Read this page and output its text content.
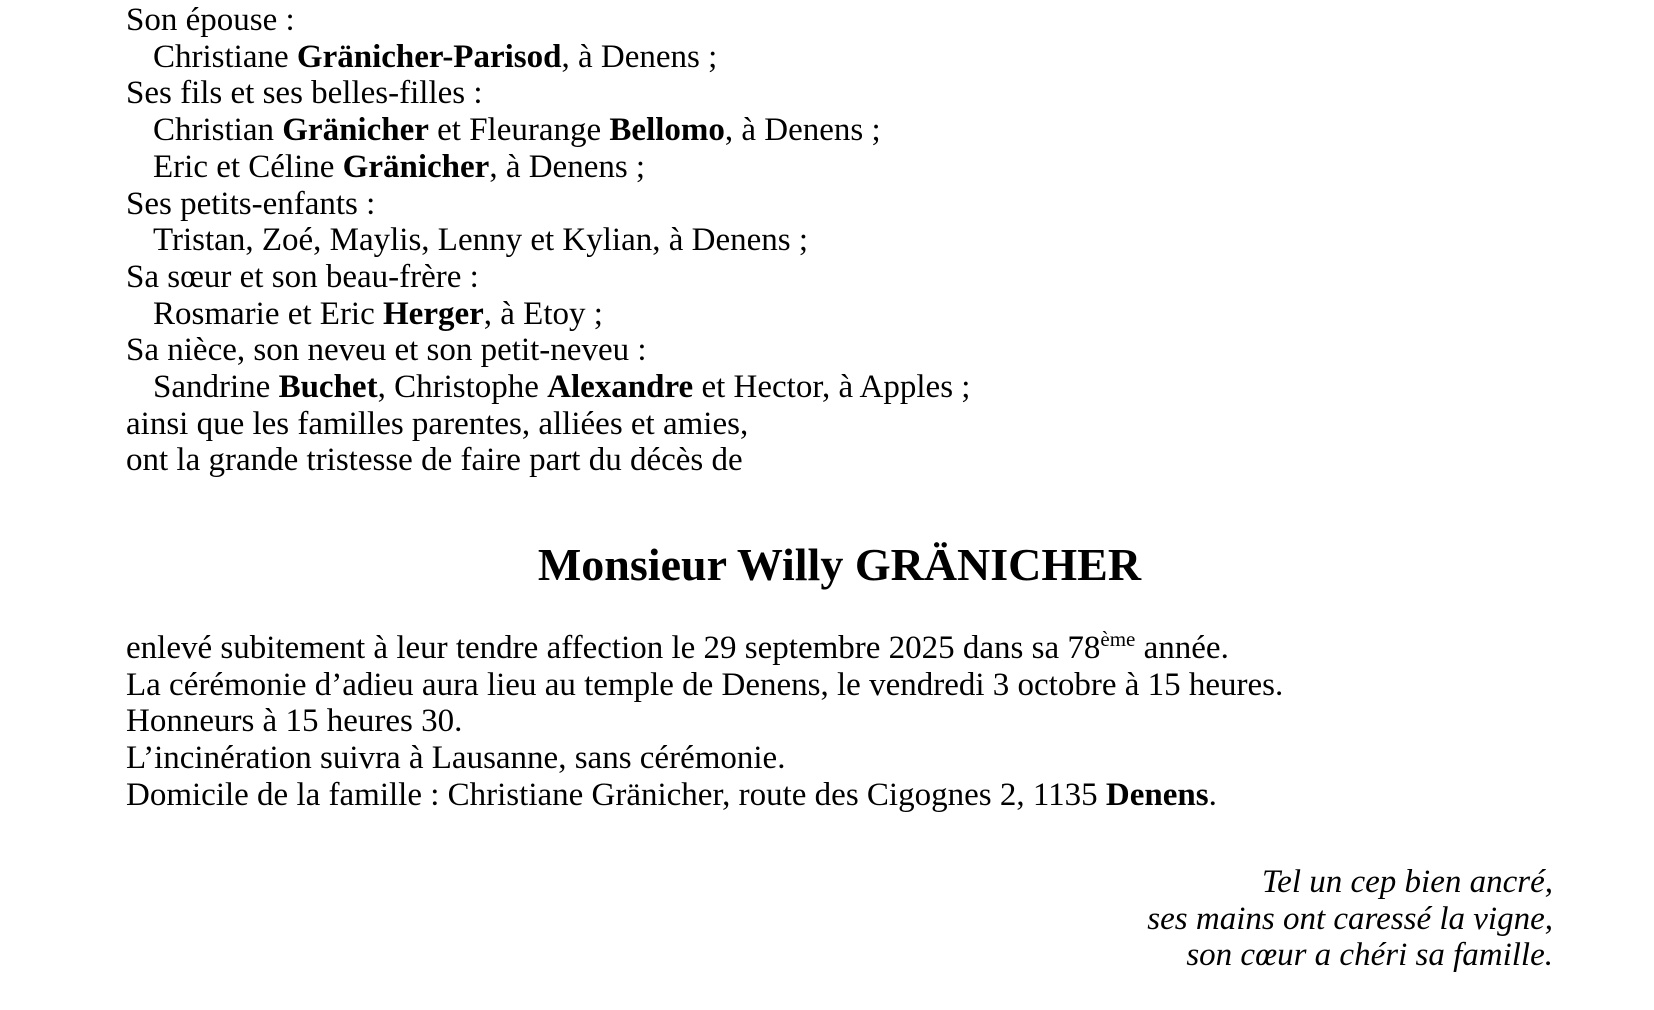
Son épouse :

Christiane Gränicher-Parisod, à Denens ;

Ses fils et ses belles-filles :

Christian Gränicher et Fleurange Bellomo, à Denens ;

Eric et Céline Gränicher, à Denens ;

Ses petits-enfants :

Tristan, Zoé, Maylis, Lenny et Kylian, à Denens ;

Sa sœur et son beau-frère :

Rosmarie et Eric Herger, à Etoy ;

Sa nièce, son neveu et son petit-neveu :

Sandrine Buchet, Christophe Alexandre et Hector, à Apples ;

ainsi que les familles parentes, alliées et amies,

ont la grande tristesse de faire part du décès de

Monsieur Willy GRÄNICHER

enlevé subitement à leur tendre affection le 29 septembre 2025 dans sa 78ème année.

La cérémonie d’adieu aura lieu au temple de Denens, le vendredi 3 octobre à 15 heures.

Honneurs à 15 heures 30.

L’incinération suivra à Lausanne, sans cérémonie.

Domicile de la famille : Christiane Gränicher, route des Cigognes 2, 1135 Denens.

Tel un cep bien ancré,

ses mains ont caressé la vigne,

son cœur a chéri sa famille.
